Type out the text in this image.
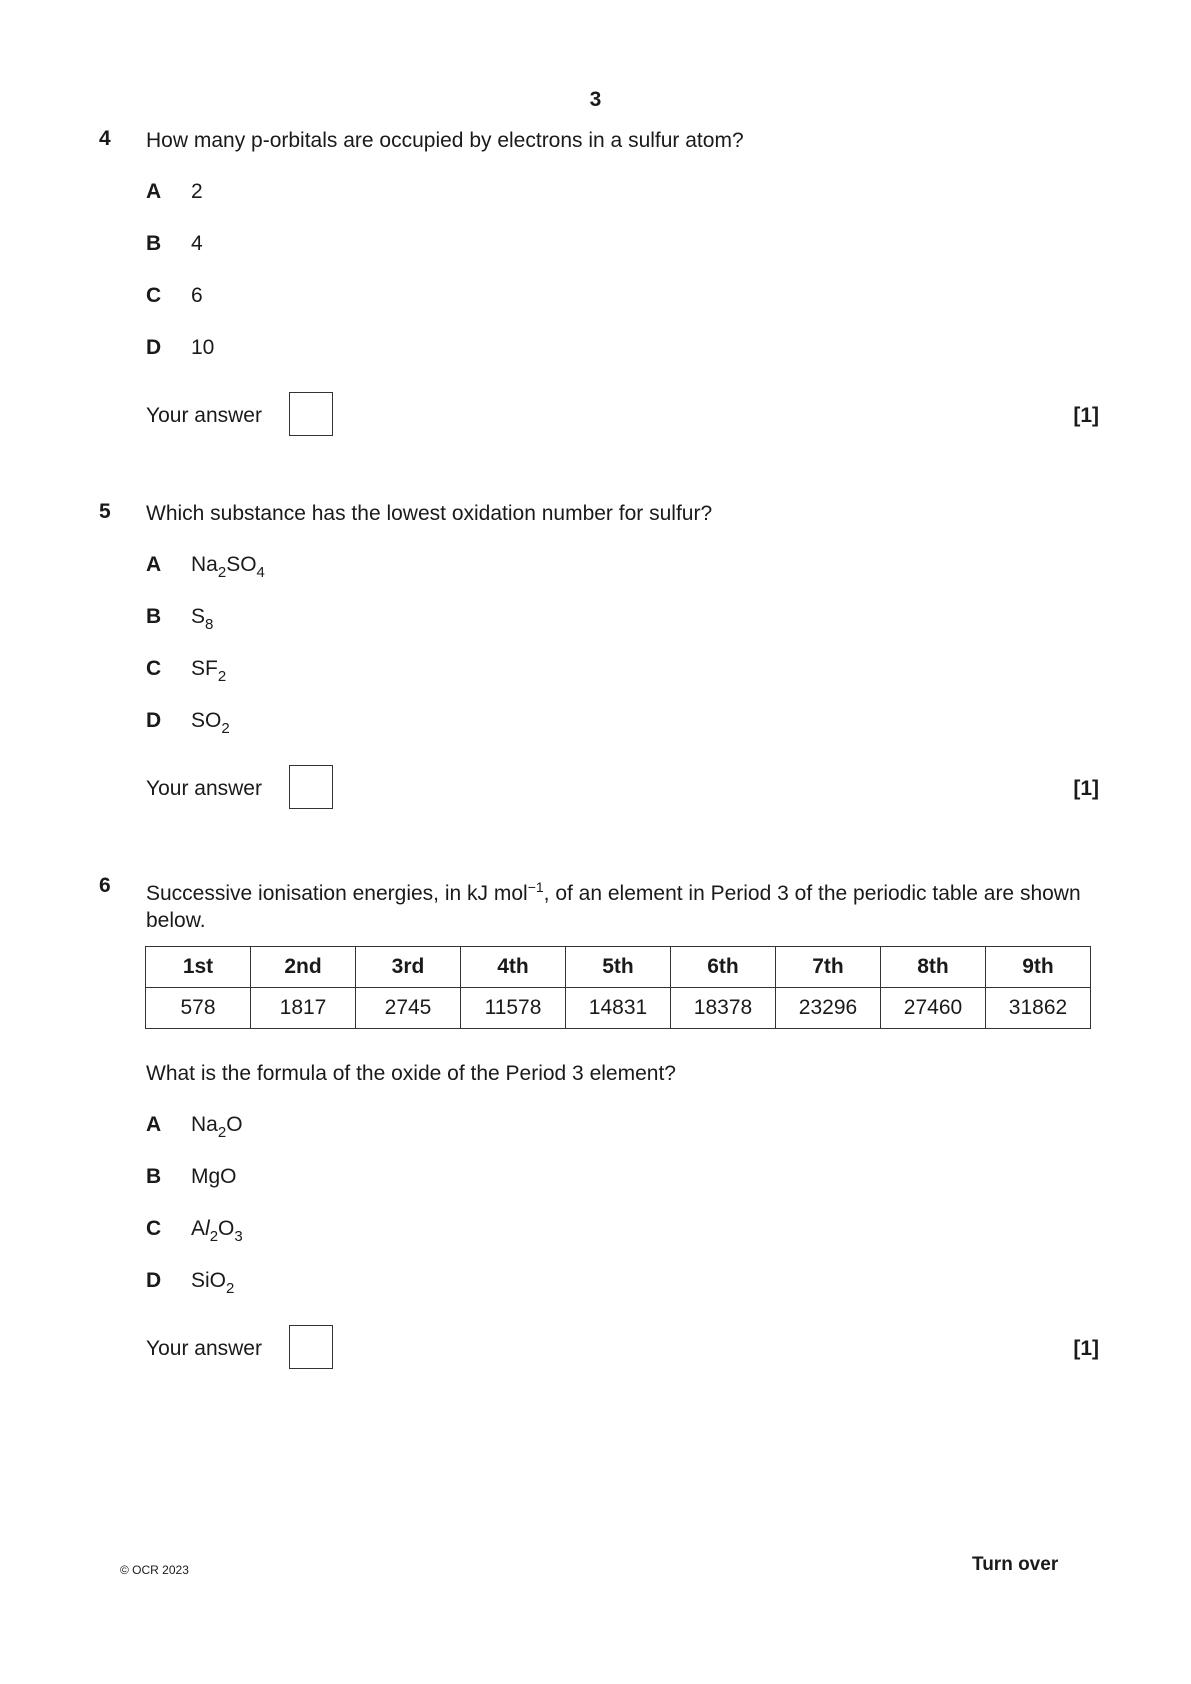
3
4 How many p-orbitals are occupied by electrons in a sulfur atom?
A 2
B 4
C 6
D 10
Your answer	[1]
5 Which substance has the lowest oxidation number for sulfur?
A $Na_2SO_4$
B $S_8$
C $SF_2$
D $SO_2$
Your answer	[1]
6 Successive ionisation energies, in kJ mol$^{-1}$, of an element in Period 3 of the periodic table are shown below.
1st	2nd	3rd	4th	5th	6th	7th	8th	9th
578	1817	2745	11578	14831	18378	23296	27460	31862
What is the formula of the oxide of the Period 3 element?
A $Na_2O$
B MgO
C $Al_2O_3$
D SiO$_2$
Your answer	[1]
© OCR 2023	Turn over
